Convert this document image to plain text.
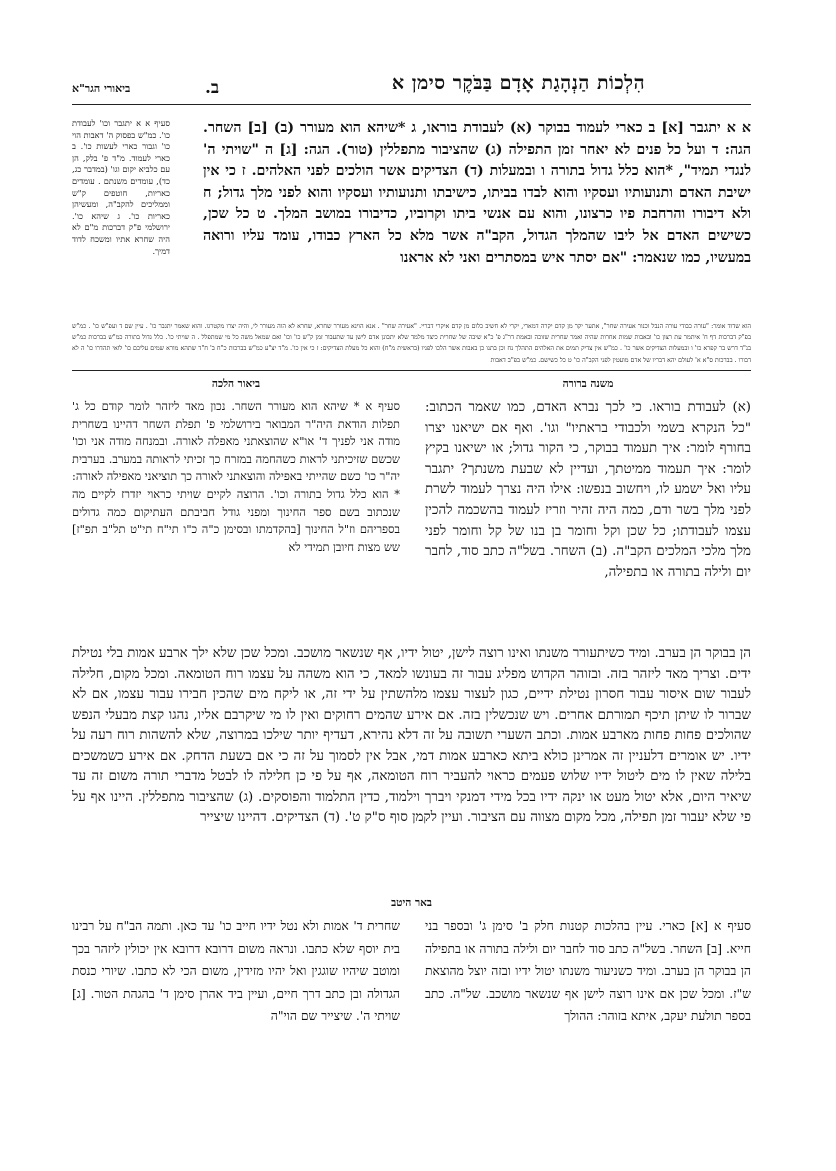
הִלְכוֹת הַנְהָגַת אָדָם בַּבֹּקֶר סימן א
ב.
ביאורי הגר"א
סעיף א א יתגבר וכו' לעבודת כו'. כמ"ש בפסוק ה' דאבות הוי כו' וגבור כארי לעשות כו'. ב כארי לעמוד. מ"ד פ' בלק, הן עם כלביא יקום וגו' (במדבר כג, כד), עומדים משנתם . עומדים כאריות, חוטפים ק"ש וממליכים להקב"ה, ומעשיהן כאריות כו'. ג שיהא כו'. ירושלמי פ"ק דברכות מ"ם לא היה שחרא אתיו ומשכח לדוד דמיך.
א א יתגבר [א] ב כארי לעמוד בבוקר (א) לעבודת בוראו, ג *שיהא הוא מעורר (ב) [ב] השחר. הגה: ד ועל כל פנים לא יאחר זמן התפילה (ג) שהציבור מתפללין (טור). הגה: [ג] ה "שויתי ה' לנגדי תמיד", *הוא כלל גדול בתורה ו ובמעלות (ד) הצדיקים אשר הולכים לפני האלהים. ז כי אין ישיבת האדם ותנועותיו ועסקיו והוא לבדו בביתו, כישיבתו ותנועותיו ועסקיו והוא לפני מלך גדול; ח ולא דיבורו והרחבת פיו כרצונו, והוא עם אנשי ביתו וקרוביו, כדיבורו במושב המלך. ט כל שכן, כשישים האדם אל ליבו שהמלך הגדול, הקב"ה אשר מלא כל הארץ כבודו, עומד עליו ורואה במעשיו, כמו שנאמר: "אם יסתר איש במסתרים ואני לא אראנו
הוא שדוד אומר: "עורה כבודי עורה הנבל וכנור אעירה שחר", אתער יקר מן קדם יקרה דמארי, יקרי לא חשיב כלום מן קדם איקרי דבריי. "אעירה שחר" . אנא הוינא מעורר שחרא, שחרא לא הוה מעורר לי, והיה יצרו מקטרגו. והוא שאמר יתגבר כו' . עיין שם ד ועפ"ש כו' . כמ"ש בפ"ק דברכות דף ח' איתמר עת רצון כו' ובאבות שמות אחרות שהיה ואמר שחרית שזוכה ובאמת דר"ג פ' כ"א שיבה של שחרית כיצד מלמד שלא יתבונן אדם לישן עד שתעבור זמן ק"ש כו' וכו' ואם שמאל משה כל מי שמתפלל . ה שויתי כו'. כלל גדול בתורה כמ"ש בברכות כמ"ש בנ"ד דרש בר קפרא כו' ו ובמעלות הצדיקים אשר כו' . כמ"ש אין צדיק תמים את האלהים התהלך נח וכן בתנו כן באבות אשר הלכו לפניו (בראשית מ"ח) והוא כל מעלת הצדיקים: ז כי אין כו'. מ"ד יצ"ע כמ"ש בברכות כ"ח ב' ח"ד שתהא מורא שמים עליכם כו' לואי תהדרו כו' ה לא דבורו . בברכות ס"א א' לעולם יהא דבריו של אדם מועטין לפני הקב"ה כו' ט כל כשישם. כמ"ש בפ"ב דאבות
משנה ברורה
(א) לעבודת בוראו. כי לכך נברא האדם, כמו שאמר הכתוב: "כל הנקרא בשמי ולכבודי בראתיו" וגו'. ואף אם ישיאנו יצרו בחורף לומר: איך תעמוד בבוקר, כי הקור גדול; או ישיאנו בקיץ לומר: איך תעמוד ממיטתך, ועדיין לא שבעת משנתך? יתגבר עליו ואל ישמע לו, ויחשוב בנפשו: אילו היה נצרך לעמוד לשרת לפני מלך בשר ודם, כמה היה זהיר וזריז לעמוד בהשכמה להכין עצמו לעבודתו; כל שכן וקל וחומר בן בנו של קל וחומר לפני מלך מלכי המלכים הקב"ה. (ב) השחר. בשל"ה כתב סוד, לחבר יום ולילה בתורה או בתפילה,
ביאור הלכה
סעיף א * שיהא הוא מעורר השחר. נכון מאד ליזהר לומר קודם כל ג' תפלות הודאת היה"ר המבואר בירושלמי פ' תפלת השחר דהיינו בשחרית מודה אני לפניך ד' או"א שהוצאתני מאפלה לאורה. ובמנחה מודה אני וכו' שכשם שזיכיתני לראות כשהחמה במזרח כך זכיתי לראותה במערב. בערבית יה"ר כו' כשם שהייתי באפילה והוצאתני לאורה כך תוציאני מאפילה לאורה: * הוא כלל גדול בתורה וכו'. הרוצה לקיים שויתי כראוי יזדרז לקיים מה שנכתוב בשם ספר החינוך ומפני גודל חביבתם העתיקום כמה גדולים בספריהם וז"ל החינוך [בהקדמתו ובסימן כ"ה כ"ו תי"ח תי"ט תל"ב תפ"ז] שש מצות חיובן תמידי לא
הן בבוקר הן בערב. ומיד כשיתעורר משנתו ואינו רוצה לישן, יטול ידיו, אף שנשאר מושכב. ומכל שכן שלא ילך ארבע אמות בלי נטילת ידים. וצריך מאד ליזהר בזה. ובזוהר הקדוש מפליג עבור זה בעונשו למאד, כי הוא משהה על עצמו רוח הטומאה. ומכל מקום, חלילה לעבור שום איסור עבור חסרון נטילת ידיים, כגון לעצור עצמו מלהשתין על ידי זה, או ליקח מים שהכין חבירו עבור עצמו, אם לא שברור לו שיתן תיכף תמורתם אחרים. ויש שנכשלין בזה. אם אירע שהמים רחוקים ואין לו מי שיקרבם אליו, נהגו קצת מבעלי הנפש שהולכים פחות פחות מארבע אמות. וכתב השערי תשובה על זה דלא נהירא, דעדיף יותר שילכו במרוצה, שלא להשהות רוח רעה על ידיו. יש אומרים דלעניין זה אמרינן כולא ביתא כארבע אמות דמי, אבל אין לסמוך על זה כי אם בשעת הדחק. אם אירע כשמשכים בלילה שאין לו מים ליטול ידיו שלוש פעמים כראוי להעביר רוח הטומאה, אף על פי כן חלילה לו לבטל מדברי תורה משום זה עד שיאיר היום, אלא יטול מעט או ינקה ידיו בכל מידי דמנקי ויברך וילמוד, כדין התלמוד והפוסקים. (ג) שהציבור מתפללין. היינו אף על פי שלא יעבור זמן תפילה, מכל מקום מצווה עם הציבור. ועיין לקמן סוף ס"ק ט'. (ד) הצדיקים. דהיינו שיצייר
באר היטב
סעיף א [א] כארי. עיין בהלכות קטנות חלק ב' סימן ג' ובספר בני חייא. [ב] השחר. בשל"ה כתב סוד לחבר יום ולילה בתורה או בתפילה הן בבוקר הן בערב. ומיד כשניעור משנתו יטול ידיו ובזה יוצל מהוצאת ש"ז. ומכל שכן אם אינו רוצה לישן אף שנשאר מושכב. של"ה. כתב בספר תולעת יעקב, איתא בזוהר: ההולך
שחרית ד' אמות ולא נטל ידיו חייב כו' עד כאן. ותמה הב"ח על רבינו בית יוסף שלא כתבו. ונראה משום דרובא דרובא אין יכולין ליזהר בכך ומוטב שיהיו שוגגין ואל יהיו מזידין, משום הכי לא כתבו. שיורי כנסת הגדולה ובן כתב דרך חיים, ועיין ביד אהרן סימן ד' בהגהת הטור. [ג] שויתי ה'. שיצייר שם הוי"ה
